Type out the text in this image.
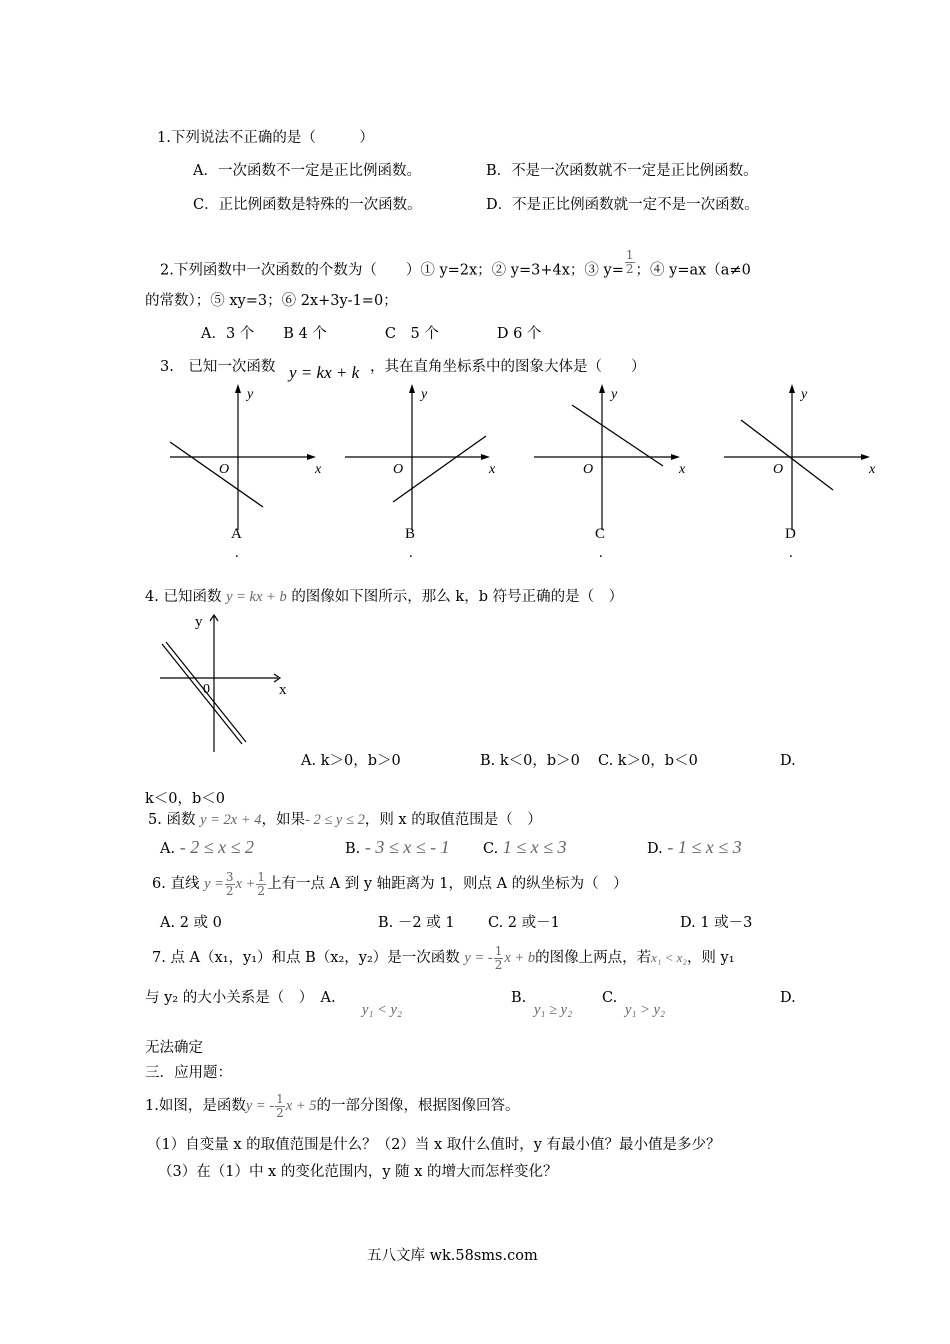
1.下列说法不正确的是（　　　）
A．一次函数不一定是正比例函数。	B．不是一次函数就不一定是正比例函数。
C．正比例函数是特殊的一次函数。	D．不是正比例函数就一定不是一次函数。
2.下列函数中一次函数的个数为（　　）① y=2x；② y=3+4x；③ $y= \frac{1}{2}$ ；④ y=ax（a≠0
的常数）；⑤ xy=3；⑥ 2x+3y-1=0；
A．3 个　　B 4 个　　　　C　5 个　　　　D 6 个
3.　已知一次函数 y = kx + k ，其在直角坐标系中的图象大体是（　　）
y
x
O
A
.
y
x
O
B
.
y
x
O
C
.
y
x
O
D
.
4. 已知函数 y = kx + b 的图像如下图所示，那么 k，b 符号正确的是（　）
y
x
0
A. k＞0，b＞0	B. k＜0，b＞0 C. k＞0，b＜0	D.
k＜0，b＜0
5. 函数 y = 2x + 4，如果- 2 ≤ y ≤ 2，则 x 的取值范围是（　）
A. - 2 ≤ x ≤ 2	B. - 3 ≤ x ≤ - 1 C. 1 ≤ x ≤ 3	D. - 1 ≤ x ≤ 3
6. 直线 $y = \frac{3}{2}$ $x + \frac{1}{2}$ 上有一点 A 到 y 轴距离为 1，则点 A 的纵坐标为（　）
A. 2 或 0	B. －2 或 1 C. 2 或－1	D. 1 或－3
7. 点 A（x₁，y₁）和点 B（x₂，y₂）是一次函数 y = - $\frac{1}{2}$ x + b的图像上两点，若x₁ < x₂，则 y₁
与 y₂ 的大小关系是（　）　A.
y₁ < y₂
B.
y₁ ≥ y₂
C.
y₁ > y₂
D.
无法确定
三．应用题：
1.如图，是函数y = - $\frac{1}{2}$ x + 5的一部分图像，根据图像回答。
（1）自变量 x 的取值范围是什么？（2）当 x 取什么值时，y 有最小值？最小值是多少？
（3）在（1）中 x 的变化范围内，y 随 x 的增大而怎样变化？
五八文库 wk.58sms.com
